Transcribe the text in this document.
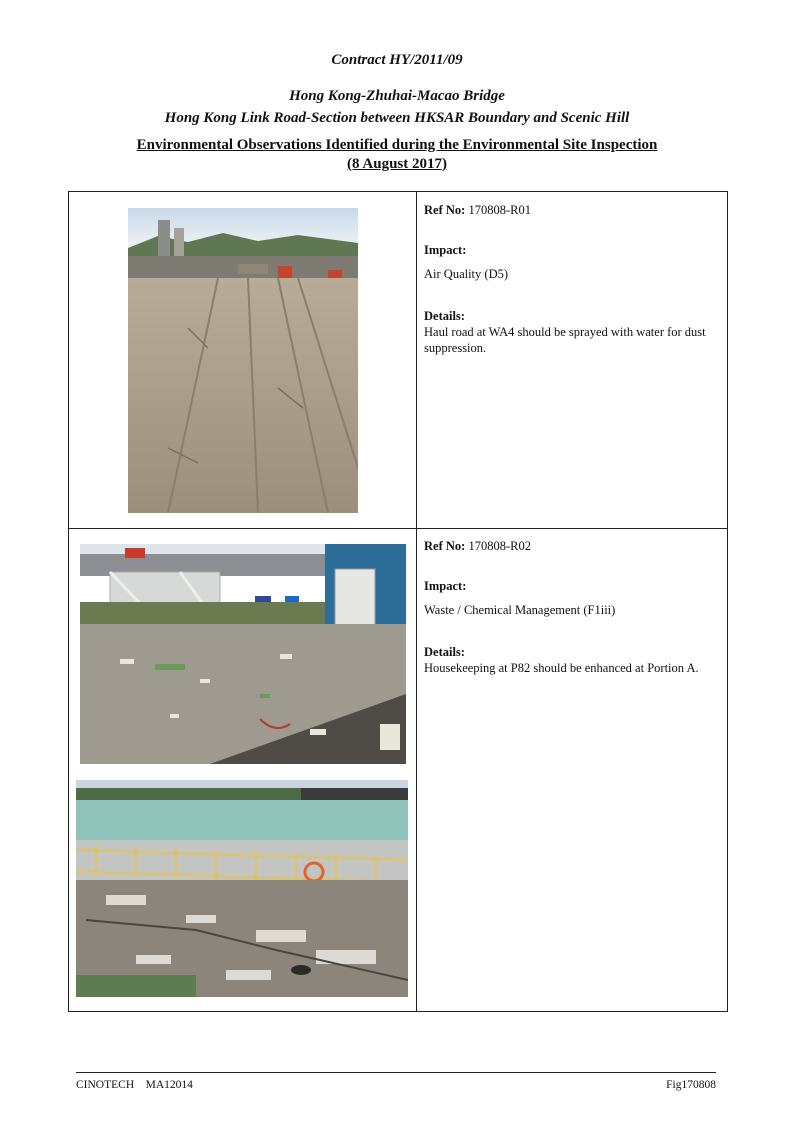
Contract HY/2011/09
Hong Kong-Zhuhai-Macao Bridge
Hong Kong Link Road-Section between HKSAR Boundary and Scenic Hill
Environmental Observations Identified during the Environmental Site Inspection
(8 August 2017)

Ref No: 170808-R01

Impact:

Air Quality (D5)

Details:

Haul road at WA4 should be sprayed with water for dust suppression.

Ref No: 170808-R02

Impact:

Waste / Chemical Management (F1iii)

Details:

Housekeeping at P82 should be enhanced at Portion A.

CINOTECH MA12014	Fig170808
